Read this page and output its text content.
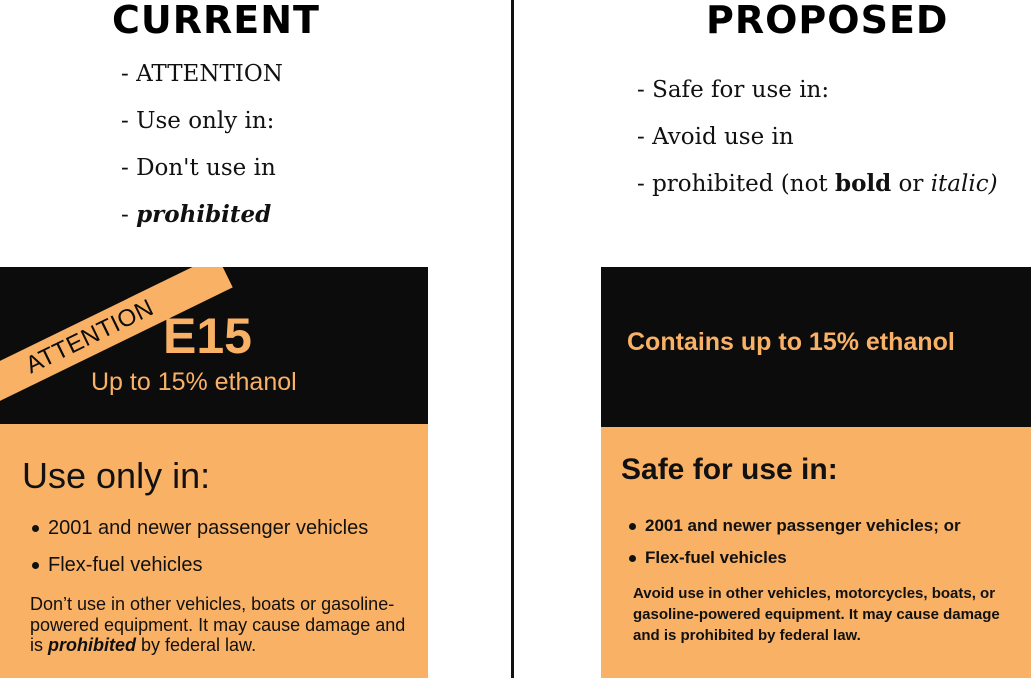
CURRENT	PROPOSED
- ATTENTION
- Use only in:
- Don't use in
- prohibited
- Safe for use in:
- Avoid use in
- prohibited (not bold or italic)
ATTENTION E15
Up to 15% ethanol
Use only in:
2001 and newer passenger vehicles
Flex-fuel vehicles
Don’t use in other vehicles, boats or gasoline-powered equipment. It may cause damage and is prohibited by federal law.
Contains up to 15% ethanol
Safe for use in:
2001 and newer passenger vehicles; or
Flex-fuel vehicles
Avoid use in other vehicles, motorcycles, boats, or gasoline-powered equipment. It may cause damage and is prohibited by federal law.
